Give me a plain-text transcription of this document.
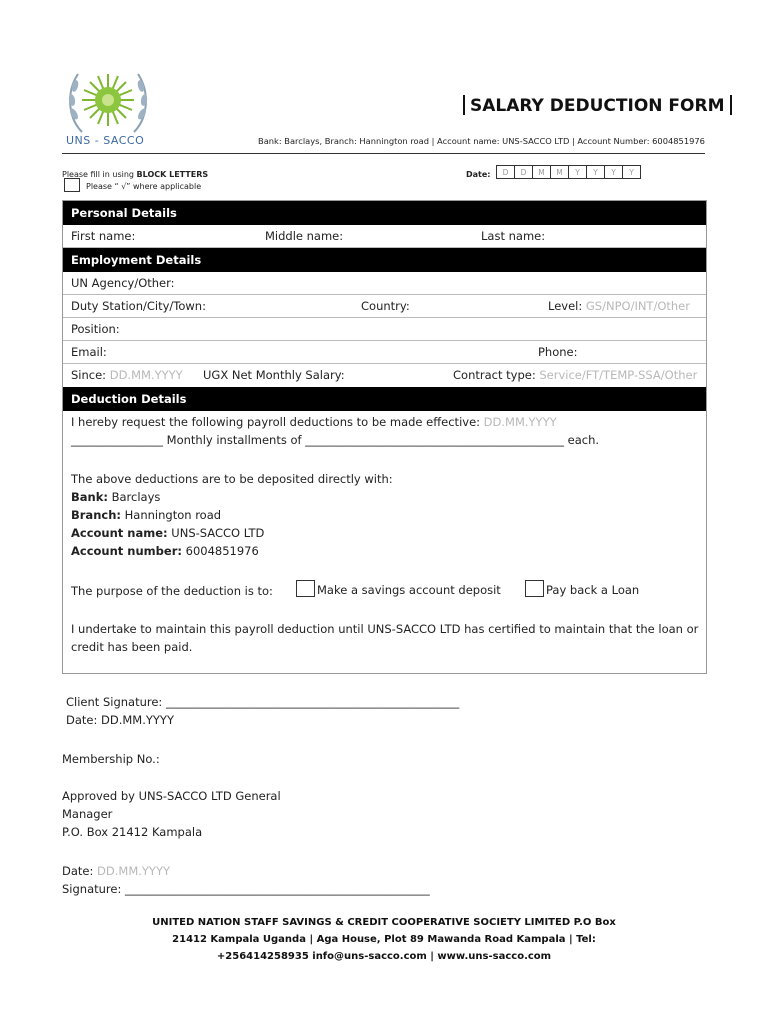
UNS - SACCO
SALARY DEDUCTION FORM
Bank: Barclays, Branch: Hannington road | Account name: UNS-SACCO LTD | Account Number: 6004851976
Please fill in using BLOCK LETTERS
Please “ √” where applicable
Date:	D	D	M	M	Y	Y	Y	Y
Personal Details
First name:	Middle name:	Last name:
Employment Details
UN Agency/Other:
Duty Station/City/Town:	Country:	Level: GS/NPO/INT/Other
Position:
Email:	Phone:
Since: DD.MM.YYYY UGX Net Monthly Salary:	Contract type: Service/FT/TEMP-SSA/Other
Deduction Details
I hereby request the following payroll deductions to be made effective: DD.MM.YYYY
________________ Monthly installments of _____________________________________________ each.
The above deductions are to be deposited directly with:
Bank: Barclays
Branch: Hannington road
Account name: UNS-SACCO LTD
Account number: 6004851976
The purpose of the deduction is to:	Make a savings account deposit	Pay back a Loan
I undertake to maintain this payroll deduction until UNS-SACCO LTD has certified to maintain that the loan or
credit has been paid.
Client Signature: ___________________________________________________
Date: DD.MM.YYYY
Membership No.:
Approved by UNS-SACCO LTD General
Manager
P.O. Box 21412 Kampala
Date: DD.MM.YYYY
Signature: _____________________________________________________
UNITED NATION STAFF SAVINGS & CREDIT COOPERATIVE SOCIETY LIMITED P.O Box
21412 Kampala Uganda | Aga House, Plot 89 Mawanda Road Kampala | Tel:
+256414258935 info@uns-sacco.com | www.uns-sacco.com
